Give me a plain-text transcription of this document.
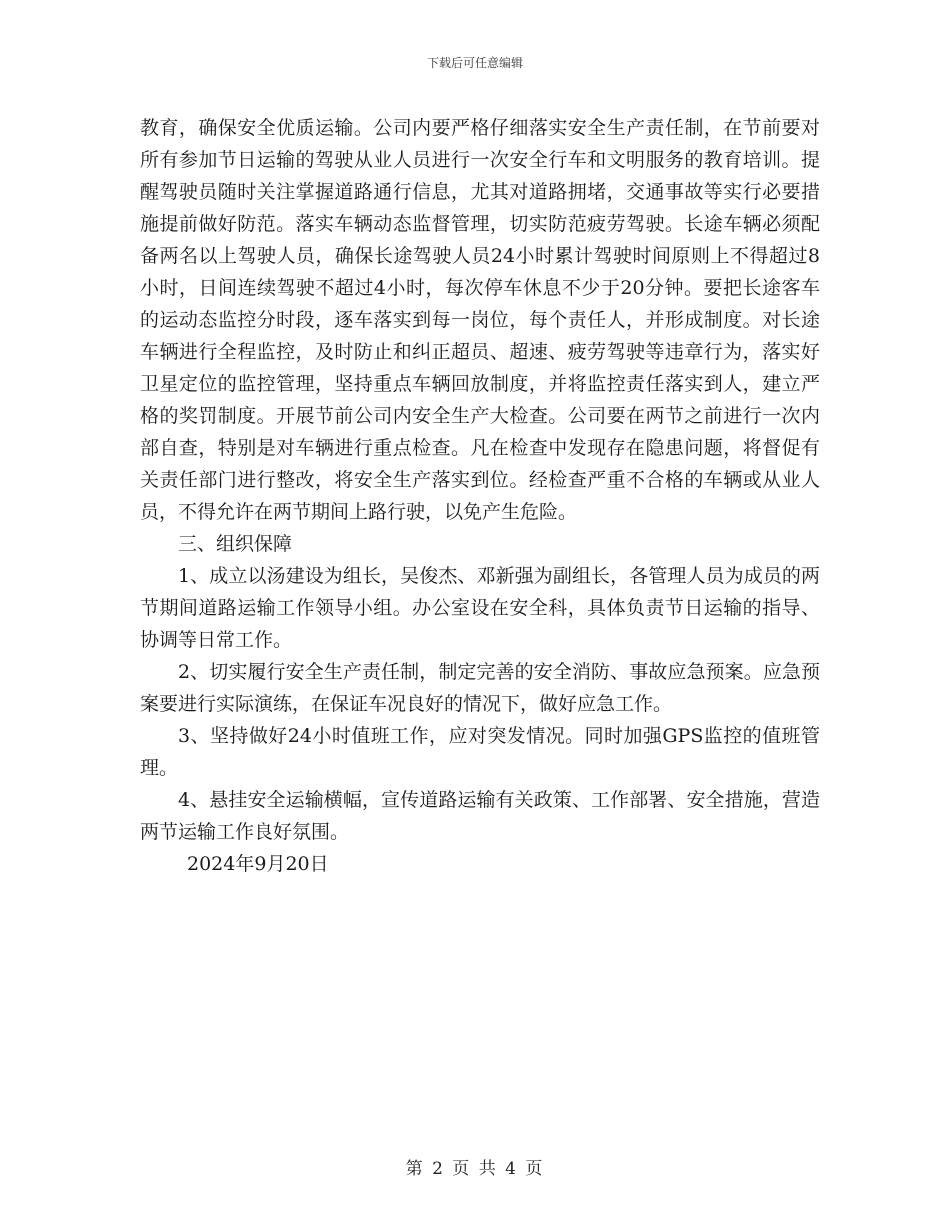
下载后可任意编辑

教育，确保安全优质运输。公司内要严格仔细落实安全生产责任制，在节前要对所有参加节日运输的驾驶从业人员进行一次安全行车和文明服务的教育培训。提醒驾驶员随时关注掌握道路通行信息，尤其对道路拥堵，交通事故等实行必要措施提前做好防范。落实车辆动态监督管理，切实防范疲劳驾驶。长途车辆必须配备两名以上驾驶人员，确保长途驾驶人员24小时累计驾驶时间原则上不得超过8小时，日间连续驾驶不超过4小时，每次停车休息不少于20分钟。要把长途客车的运动态监控分时段，逐车落实到每一岗位，每个责任人，并形成制度。对长途车辆进行全程监控，及时防止和纠正超员、超速、疲劳驾驶等违章行为，落实好卫星定位的监控管理，坚持重点车辆回放制度，并将监控责任落实到人，建立严格的奖罚制度。开展节前公司内安全生产大检查。公司要在两节之前进行一次内部自查，特别是对车辆进行重点检查。凡在检查中发现存在隐患问题，将督促有关责任部门进行整改，将安全生产落实到位。经检查严重不合格的车辆或从业人员，不得允许在两节期间上路行驶，以免产生危险。

三、组织保障

1、成立以汤建设为组长，吴俊杰、邓新强为副组长，各管理人员为成员的两节期间道路运输工作领导小组。办公室设在安全科，具体负责节日运输的指导、协调等日常工作。

2、切实履行安全生产责任制，制定完善的安全消防、事故应急预案。应急预案要进行实际演练，在保证车况良好的情况下，做好应急工作。

3、坚持做好24小时值班工作，应对突发情况。同时加强GPS监控的值班管理。

4、悬挂安全运输横幅，宣传道路运输有关政策、工作部署、安全措施，营造两节运输工作良好氛围。

2024年9月20日

第 2 页 共 4 页
